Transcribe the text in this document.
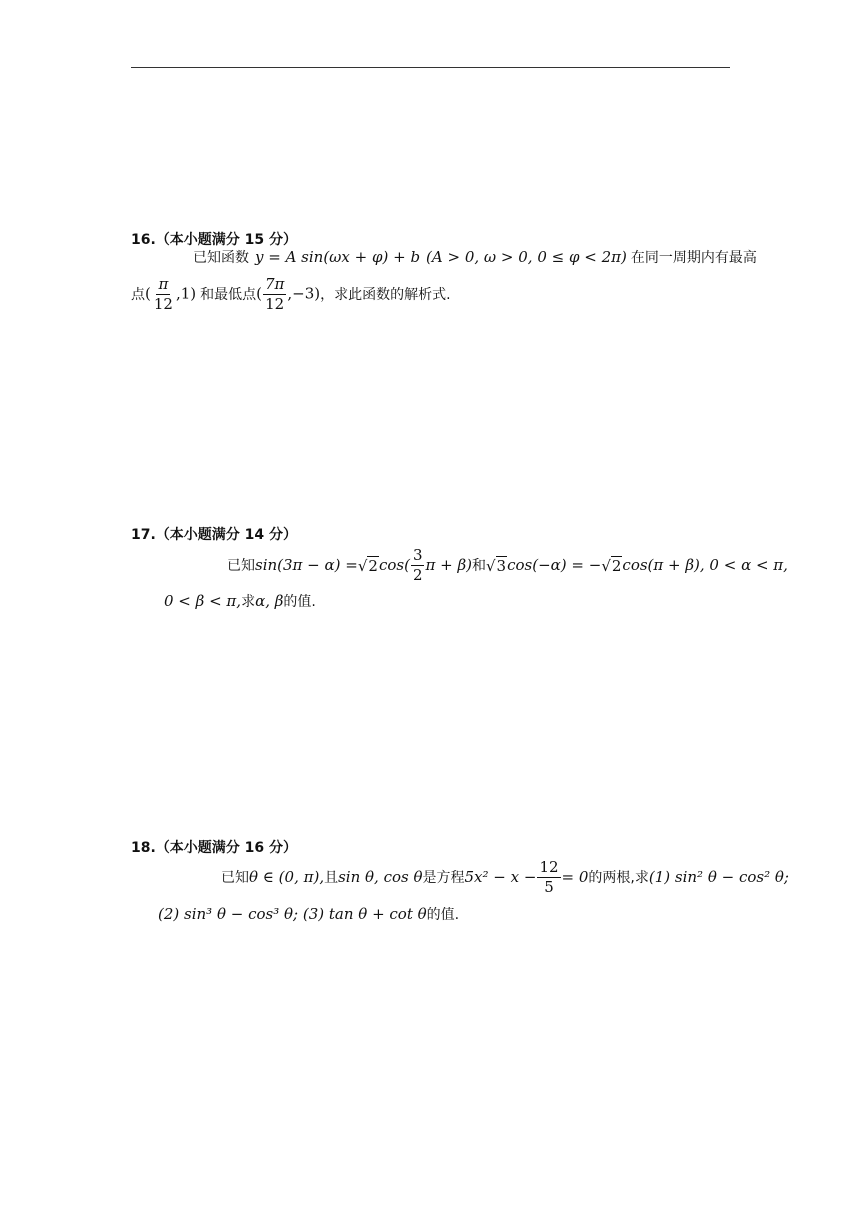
16.（本小题满分 15 分）
已知函数 y = A sin(ωx + φ) + b (A > 0, ω > 0, 0 ≤ φ < 2π) 在同一周期内有最高
点 ( $\frac{\pi}{12} ,1$) 和最低点 ( $\frac{7\pi}{12} ,-3$) ，求此函数的解析式.
17.（本小题满分 14 分）
已知 sin(3π − α) = √ 2 $\cos( \frac{3}{2}$ π + β) 和 √ 3 cos(−α) = − √ 2 cos(π + β), 0 < α < π,
0 < β < π, 求 α, β 的值.
18.（本小题满分 16 分）
已知 θ ∈ (0, π), 且 sin θ, cos θ 是方程 $5x^2 - x - \frac{12}{5} = 0$ 的两根,求 (1) sin² θ − cos² θ;
(2) sin³ θ − cos³ θ; (3) tan θ + cot θ 的值.
